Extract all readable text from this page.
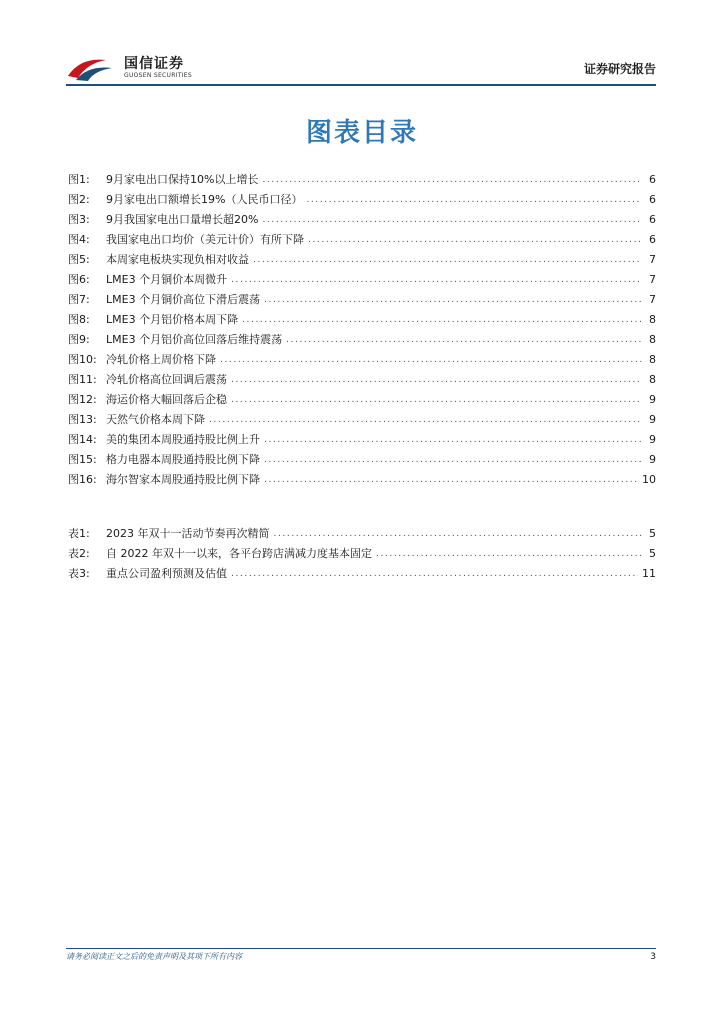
国信证券
GUOSEN SECURITIES	证券研究报告
图表目录
图1:	9月家电出口保持10%以上增长 .....	6
图2:	9月家电出口额增长19%（人民币口径） .....	6
图3:	9月我国家电出口量增长超20% .....	6
图4:	我国家电出口均价（美元计价）有所下降 .....	6
图5:	本周家电板块实现负相对收益 .....	7
图6:	LME3 个月铜价本周微升 .....	7
图7:	LME3 个月铜价高位下滑后震荡 .....	7
图8:	LME3 个月铝价格本周下降 .....	8
图9:	LME3 个月铝价高位回落后维持震荡 .....	8
图10: 冷轧价格上周价格下降 .....	8
图11: 冷轧价格高位回调后震荡 .....	8
图12: 海运价格大幅回落后企稳 .....	9
图13: 天然气价格本周下降 .....	9
图14: 美的集团本周股通持股比例上升 .....	9
图15: 格力电器本周股通持股比例下降 .....	9
图16: 海尔智家本周股通持股比例下降 .....	10
表1:	2023 年双十一活动节奏再次精简 .....	5
表2:	自 2022 年双十一以来，各平台跨店满减力度基本固定 .....	5
表3:	重点公司盈利预测及估值 .....	11
请务必阅读正文之后的免责声明及其项下所有内容	3
